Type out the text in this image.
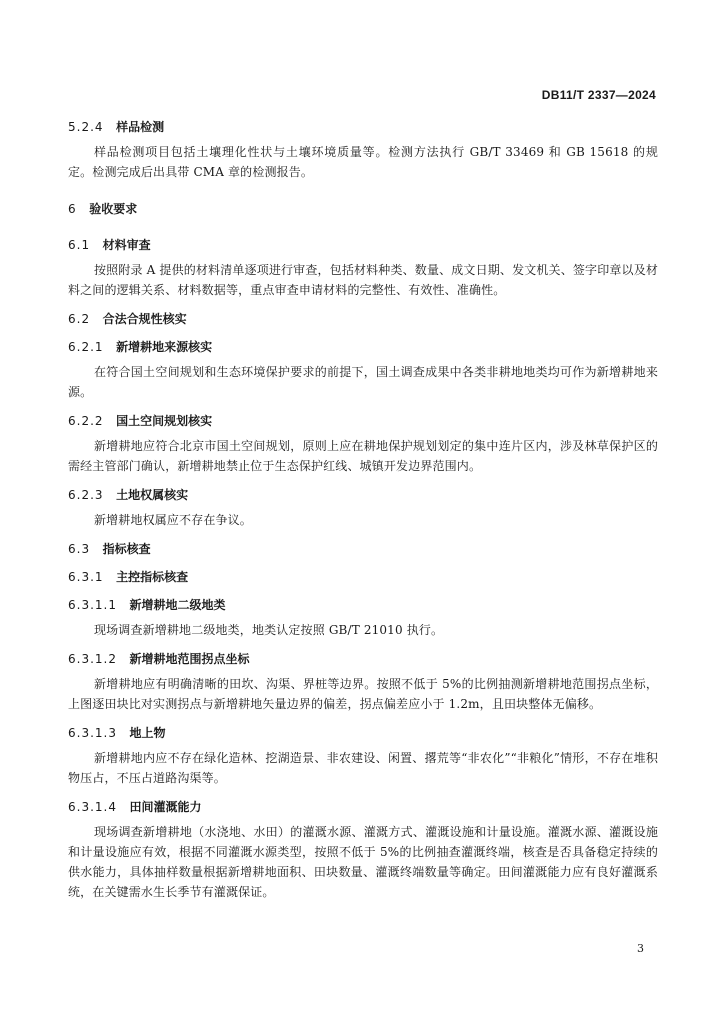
DB11/T 2337—2024

5.2.4 样品检测

样品检测项目包括土壤理化性状与土壤环境质量等。检测方法执行 GB/T 33469 和 GB 15618 的规定。检测完成后出具带 CMA 章的检测报告。

6 验收要求

6.1 材料审查

按照附录 A 提供的材料清单逐项进行审查，包括材料种类、数量、成文日期、发文机关、签字印章以及材料之间的逻辑关系、材料数据等，重点审查申请材料的完整性、有效性、准确性。

6.2 合法合规性核实

6.2.1 新增耕地来源核实

在符合国土空间规划和生态环境保护要求的前提下，国土调查成果中各类非耕地地类均可作为新增耕地来源。

6.2.2 国土空间规划核实

新增耕地应符合北京市国土空间规划，原则上应在耕地保护规划划定的集中连片区内，涉及林草保护区的需经主管部门确认，新增耕地禁止位于生态保护红线、城镇开发边界范围内。

6.2.3 土地权属核实

新增耕地权属应不存在争议。

6.3 指标核查

6.3.1 主控指标核查

6.3.1.1 新增耕地二级地类

现场调查新增耕地二级地类，地类认定按照 GB/T 21010 执行。

6.3.1.2 新增耕地范围拐点坐标

新增耕地应有明确清晰的田坎、沟渠、界桩等边界。按照不低于 5%的比例抽测新增耕地范围拐点坐标，上图逐田块比对实测拐点与新增耕地矢量边界的偏差，拐点偏差应小于 1.2m，且田块整体无偏移。

6.3.1.3 地上物

新增耕地内应不存在绿化造林、挖湖造景、非农建设、闲置、撂荒等“非农化”“非粮化”情形，不存在堆积物压占，不压占道路沟渠等。

6.3.1.4 田间灌溉能力

现场调查新增耕地（水浇地、水田）的灌溉水源、灌溉方式、灌溉设施和计量设施。灌溉水源、灌溉设施和计量设施应有效，根据不同灌溉水源类型，按照不低于 5%的比例抽查灌溉终端，核查是否具备稳定持续的供水能力，具体抽样数量根据新增耕地面积、田块数量、灌溉终端数量等确定。田间灌溉能力应有良好灌溉系统，在关键需水生长季节有灌溉保证。

3
